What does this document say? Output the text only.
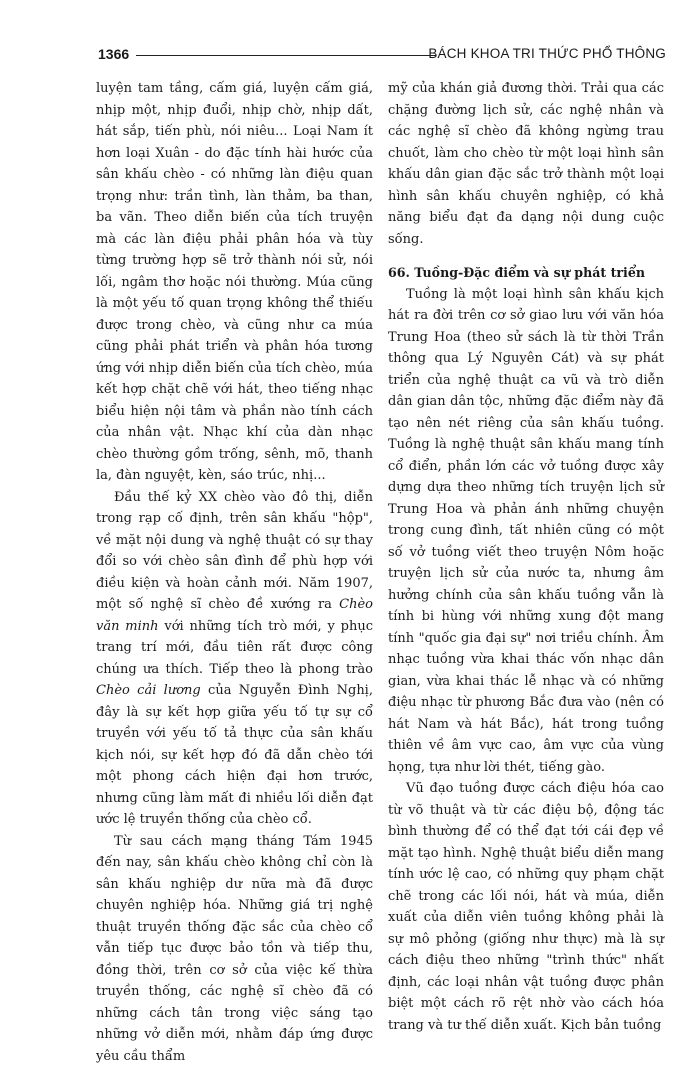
1366	BÁCH KHOA TRI THỨC PHỔ THÔNG

luyện tam tầng, cấm giá, luyện cấm giá, nhịp một, nhịp đuổi, nhịp chờ, nhịp dất, hát sắp, tiến phù, nói niêu... Loại Nam ít hơn loại Xuân - do đặc tính hài hước của sân khấu chèo - có những làn điệu quan trọng như: trần tình, làn thảm, ba than, ba vãn. Theo diễn biến của tích truyện mà các làn điệu phải phân hóa và tùy từng trường hợp sẽ trở thành nói sử, nói lối, ngâm thơ hoặc nói thường. Múa cũng là một yếu tố quan trọng không thể thiếu được trong chèo, và cũng như ca múa cũng phải phát triển và phân hóa tương ứng với nhịp diễn biến của tích chèo, múa kết hợp chặt chẽ với hát, theo tiếng nhạc biểu hiện nội tâm và phần nào tính cách của nhân vật. Nhạc khí của dàn nhạc chèo thường gồm trống, sênh, mõ, thanh la, đàn nguyệt, kèn, sáo trúc, nhị...

Đầu thế kỷ XX chèo vào đô thị, diễn trong rạp cố định, trên sân khấu "hộp", về mặt nội dung và nghệ thuật có sự thay đổi so với chèo sân đình để phù hợp với điều kiện và hoàn cảnh mới. Năm 1907, một số nghệ sĩ chèo đề xướng ra Chèo văn minh với những tích trò mới, y phục trang trí mới, đầu tiên rất được công chúng ưa thích. Tiếp theo là phong trào Chèo cải lương của Nguyễn Đình Nghị, đây là sự kết hợp giữa yếu tố tự sự cổ truyền với yếu tố tả thực của sân khấu kịch nói, sự kết hợp đó đã dẫn chèo tới một phong cách hiện đại hơn trước, nhưng cũng làm mất đi nhiều lối diễn đạt ước lệ truyền thống của chèo cổ.

Từ sau cách mạng tháng Tám 1945 đến nay, sân khấu chèo không chỉ còn là sân khấu nghiệp dư nữa mà đã được chuyên nghiệp hóa. Những giá trị nghệ thuật truyền thống đặc sắc của chèo cổ vẫn tiếp tục được bảo tồn và tiếp thu, đồng thời, trên cơ sở của việc kế thừa truyền thống, các nghệ sĩ chèo đã có những cách tân trong việc sáng tạo những vở diễn mới, nhằm đáp ứng được yêu cầu thẩm

mỹ của khán giả đương thời. Trải qua các chặng đường lịch sử, các nghệ nhân và các nghệ sĩ chèo đã không ngừng trau chuốt, làm cho chèo từ một loại hình sân khấu dân gian đặc sắc trở thành một loại hình sân khấu chuyên nghiệp, có khả năng biểu đạt đa dạng nội dung cuộc sống.

66. Tuồng-Đặc điểm và sự phát triển

Tuồng là một loại hình sân khấu kịch hát ra đời trên cơ sở giao lưu với văn hóa Trung Hoa (theo sử sách là từ thời Trần thông qua Lý Nguyên Cát) và sự phát triển của nghệ thuật ca vũ và trò diễn dân gian dân tộc, những đặc điểm này đã tạo nên nét riêng của sân khấu tuồng. Tuồng là nghệ thuật sân khấu mang tính cổ điển, phần lớn các vở tuồng được xây dựng dựa theo những tích truyện lịch sử Trung Hoa và phản ánh những chuyện trong cung đình, tất nhiên cũng có một số vở tuồng viết theo truyện Nôm hoặc truyện lịch sử của nước ta, nhưng âm hưởng chính của sân khấu tuồng vẫn là tính bi hùng với những xung đột mang tính "quốc gia đại sự" nơi triều chính. Âm nhạc tuồng vừa khai thác vốn nhạc dân gian, vừa khai thác lễ nhạc và có những điệu nhạc từ phương Bắc đưa vào (nên có hát Nam và hát Bắc), hát trong tuồng thiên về âm vực cao, âm vực của vùng họng, tựa như lời thét, tiếng gào.

Vũ đạo tuồng được cách điệu hóa cao từ võ thuật và từ các điệu bộ, động tác bình thường để có thể đạt tới cái đẹp về mặt tạo hình. Nghệ thuật biểu diễn mang tính ước lệ cao, có những quy phạm chặt chẽ trong các lối nói, hát và múa, diễn xuất của diễn viên tuồng không phải là sự mô phỏng (giống như thực) mà là sự cách điệu theo những "trình thức" nhất định, các loại nhân vật tuồng được phân biệt một cách rõ rệt nhờ vào cách hóa trang và tư thế diễn xuất. Kịch bản tuồng
